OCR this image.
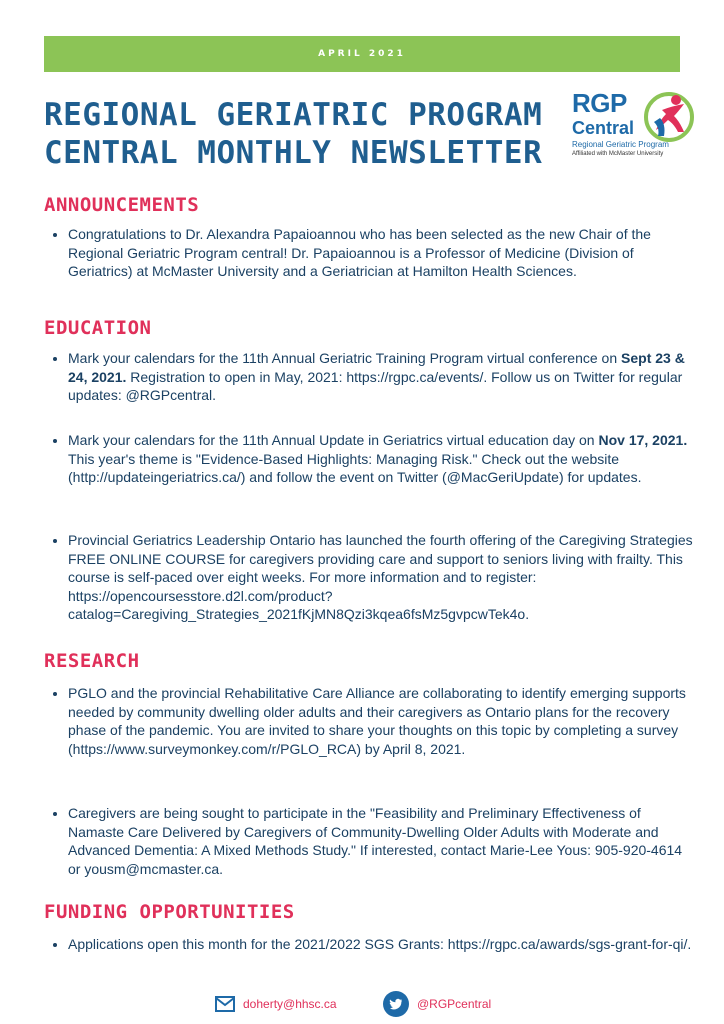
APRIL 2021
REGIONAL GERIATRIC PROGRAM CENTRAL MONTHLY NEWSLETTER
RGP
Central
Regional Geriatric Program
Affiliated with McMaster University
ANNOUNCEMENTS
• Congratulations to Dr. Alexandra Papaioannou who has been selected as the new Chair of the Regional Geriatric Program central! Dr. Papaioannou is a Professor of Medicine (Division of Geriatrics) at McMaster University and a Geriatrician at Hamilton Health Sciences.
EDUCATION
• Mark your calendars for the 11th Annual Geriatric Training Program virtual conference on Sept 23 & 24, 2021. Registration to open in May, 2021: https://rgpc.ca/events/. Follow us on Twitter for regular updates: @RGPcentral.
• Mark your calendars for the 11th Annual Update in Geriatrics virtual education day on Nov 17, 2021. This year's theme is "Evidence-Based Highlights: Managing Risk." Check out the website (http://updateingeriatrics.ca/) and follow the event on Twitter (@MacGeriUpdate) for updates.
• Provincial Geriatrics Leadership Ontario has launched the fourth offering of the Caregiving Strategies FREE ONLINE COURSE for caregivers providing care and support to seniors living with frailty. This course is self-paced over eight weeks. For more information and to register: https://opencoursesstore.d2l.com/product?catalog=Caregiving_Strategies_2021fKjMN8Qzi3kqea6fsMz5gvpcwTek4o.
RESEARCH
• PGLO and the provincial Rehabilitative Care Alliance are collaborating to identify emerging supports needed by community dwelling older adults and their caregivers as Ontario plans for the recovery phase of the pandemic. You are invited to share your thoughts on this topic by completing a survey (https://www.surveymonkey.com/r/PGLO_RCA) by April 8, 2021.
• Caregivers are being sought to participate in the "Feasibility and Preliminary Effectiveness of Namaste Care Delivered by Caregivers of Community-Dwelling Older Adults with Moderate and Advanced Dementia: A Mixed Methods Study." If interested, contact Marie-Lee Yous: 905-920-4614 or yousm@mcmaster.ca.
FUNDING OPPORTUNITIES
• Applications open this month for the 2021/2022 SGS Grants: https://rgpc.ca/awards/sgs-grant-for-qi/.
doherty@hhsc.ca	@RGPcentral
